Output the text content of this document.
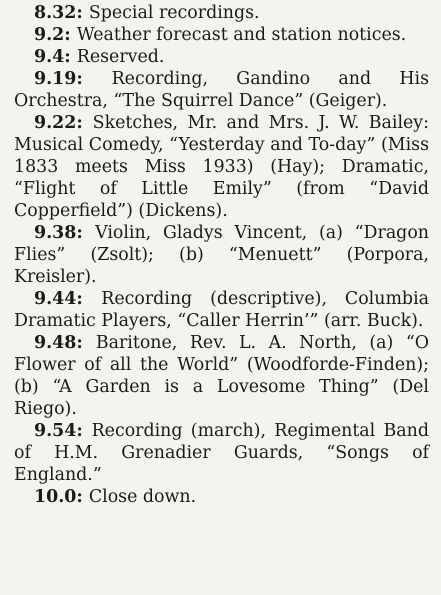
8.32: Special recordings.

9.2: Weather forecast and station notices.

9.4: Reserved.

9.19: Recording, Gandino and His Orchestra, “The Squirrel Dance” (Geiger).

9.22: Sketches, Mr. and Mrs. J. W. Bailey: Musical Comedy, “Yesterday and To-day” (Miss 1833 meets Miss 1933) (Hay); Dramatic, “Flight of Little Emily” (from “David Copperfield”) (Dickens).

9.38: Violin, Gladys Vincent, (a) “Dragon Flies” (Zsolt); (b) “Menuett” (Porpora, Kreisler).

9.44: Recording (descriptive), Columbia Dramatic Players, “Caller Herrin’” (arr. Buck).

9.48: Baritone, Rev. L. A. North, (a) “O Flower of all the World” (Woodforde-Finden); (b) “A Garden is a Lovesome Thing” (Del Riego).

9.54: Recording (march), Regimental Band of H.M. Grenadier Guards, “Songs of England.”

10.0: Close down.
